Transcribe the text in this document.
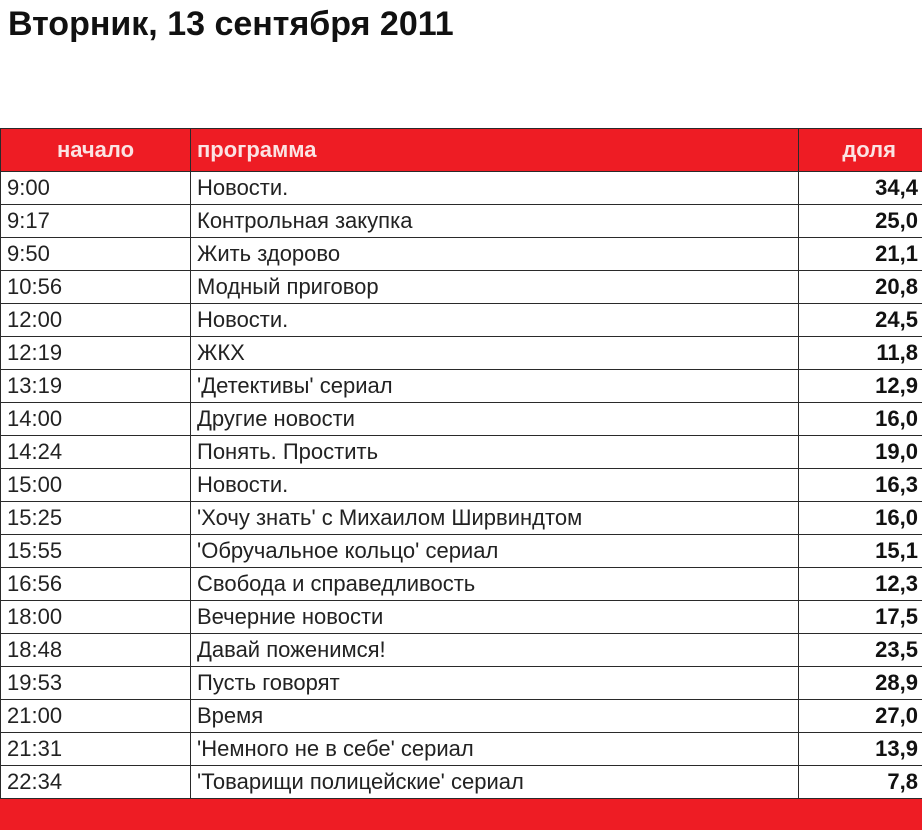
Вторник, 13 сентября 2011
начало	программа	доля
9:00	Новости.	34,4
9:17	Контрольная закупка	25,0
9:50	Жить здорово	21,1
10:56	Модный приговор	20,8
12:00	Новости.	24,5
12:19	ЖКХ	11,8
13:19	'Детективы' сериал	12,9
14:00	Другие новости	16,0
14:24	Понять. Простить	19,0
15:00	Новости.	16,3
15:25	'Хочу знать' с Михаилом Ширвиндтом	16,0
15:55	'Обручальное кольцо' сериал	15,1
16:56	Свобода и справедливость	12,3
18:00	Вечерние новости	17,5
18:48	Давай поженимся!	23,5
19:53	Пусть говорят	28,9
21:00	Время	27,0
21:31	'Немного не в себе' сериал	13,9
22:34	'Товарищи полицейские' сериал	7,8
